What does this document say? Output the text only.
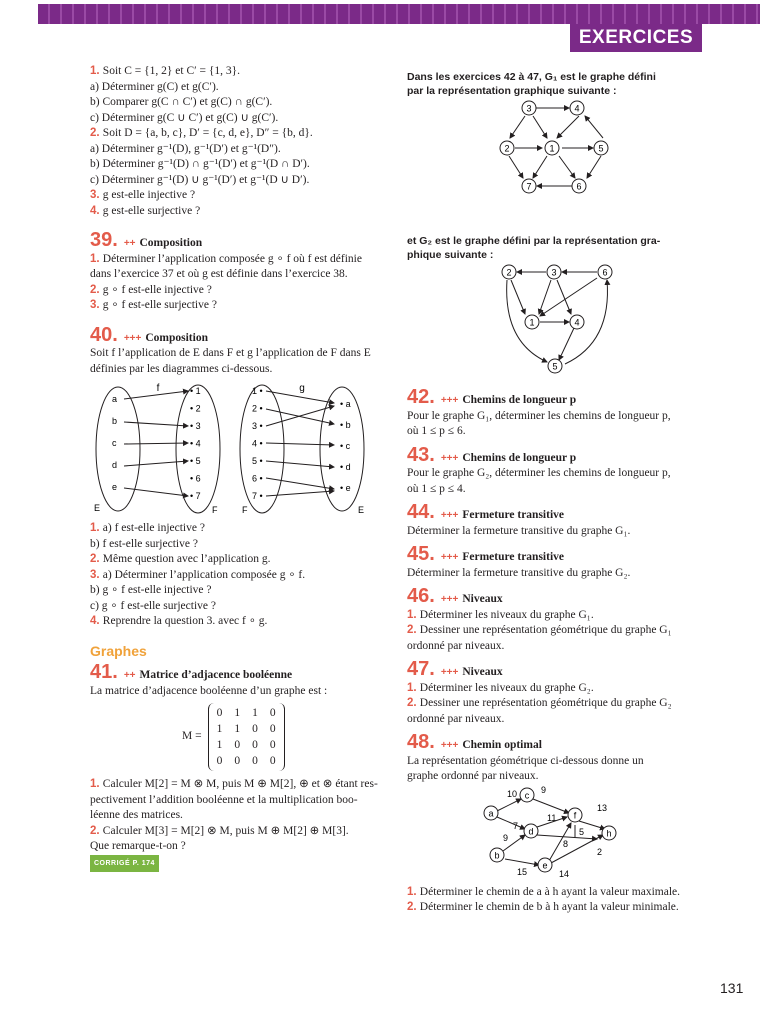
EXERCICES

1. Soit C = {1, 2} et C′ = {1, 3}.

a) Déterminer g(C) et g(C′).

b) Comparer g(C ∩ C′) et g(C) ∩ g(C′).

c) Déterminer g(C ∪ C′) et g(C) ∪ g(C′).

2. Soit D = {a, b, c}, D′ = {c, d, e}, D″ = {b, d}.

a) Déterminer g⁻¹(D), g⁻¹(D′) et g⁻¹(D″).

b) Déterminer g⁻¹(D) ∩ g⁻¹(D′) et g⁻¹(D ∩ D′).

c) Déterminer g⁻¹(D) ∪ g⁻¹(D′) et g⁻¹(D ∪ D′).

3. g est-elle injective ?

4. g est-elle surjective ?

39. ++ Composition

1. Déterminer l’application composée g ∘ f où f est définie

dans l’exercice 37 et où g est définie dans l’exercice 38.

2. g ∘ f est-elle injective ?

3. g ∘ f est-elle surjective ?

40. +++ Composition

Soit f l’application de E dans F et g l’application de F dans E

définies par les diagrammes ci-dessous.

f
E	F
a
b
c
d
e
• 1
• 2
• 3
• 4
• 5
• 6
• 7
g
F	E
1 •
2 •
3 •
4 •
5 •
6 •
7 •
• a
• b
• c
• d
• e

1. a) f est-elle injective ?

b) f est-elle surjective ?

2. Même question avec l’application g.

3. a) Déterminer l’application composée g ∘ f.

b) g ∘ f est-elle injective ?

c) g ∘ f est-elle surjective ?

4. Reprendre la question 3. avec f ∘ g.

Graphes
41. ++ Matrice d’adjacence booléenne

La matrice d’adjacence booléenne d’un graphe est :

M =
0 1 1 0
1 1 0 0
1 0 0 0
0 0 0 0

1. Calculer M[2] = M ⊗ M, puis M ⊕ M[2], ⊕ et ⊗ étant res-

pectivement l’addition booléenne et la multiplication boo-

léenne des matrices.

2. Calculer M[3] = M[2] ⊗ M, puis M ⊕ M[2] ⊕ M[3].

Que remarque-t-on ?

CORRIGÉ P. 174

Dans les exercices 42 à 47, G₁ est le graphe défini

par la représentation graphique suivante :

1
2
3	4
5
6
7

et G₂ est le graphe défini par la représentation gra-

phique suivante :

1
2	3
4
5
6
42. +++ Chemins de longueur p

Pour le graphe G₁, déterminer les chemins de longueur p,

où 1 ≤ p ≤ 6.

43. +++ Chemins de longueur p

Pour le graphe G₂, déterminer les chemins de longueur p,

où 1 ≤ p ≤ 4.

44. +++ Fermeture transitive

Déterminer la fermeture transitive du graphe G₁.

45. +++ Fermeture transitive

Déterminer la fermeture transitive du graphe G₂.

46. +++ Niveaux

1. Déterminer les niveaux du graphe G₁.

2. Dessiner une représentation géométrique du graphe G₁

ordonné par niveaux.

47. +++ Niveaux

1. Déterminer les niveaux du graphe G₂.

2. Dessiner une représentation géométrique du graphe G₂

ordonné par niveaux.

48. +++ Chemin optimal

La représentation géométrique ci-dessous donne un

graphe ordonné par niveaux.

a
b
c
d
e
f
h
10	9
7
11
13
9
5
8
2
15	14

1. Déterminer le chemin de a à h ayant la valeur maximale.

2. Déterminer le chemin de b à h ayant la valeur minimale.

131
